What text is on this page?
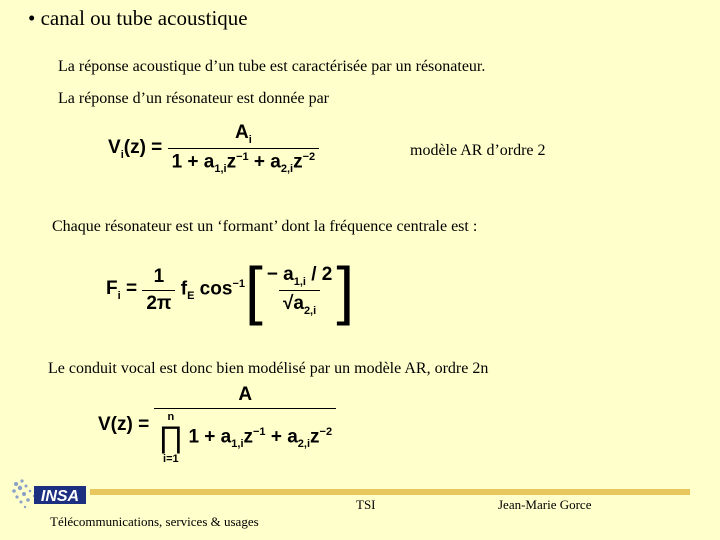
• canal ou tube acoustique
La réponse acoustique d’un tube est caractérisée par un résonateur.
La réponse d’un résonateur est donnée par
$V_i(z) = \frac{A_i}{1 + a_{1,i}z^{-1} + a_{2,i}z^{-2}}$	modèle AR d’ordre 2
Chaque résonateur est un ‘formant’ dont la fréquence centrale est :
$F_i = \frac{1}{2\pi} f_E$ $\cos^{-1}$ [ $\frac{- a_{1,i} / 2}{√a_{2,i}}$ ]
Le conduit vocal est donc bien modélisé par un modèle AR, ordre 2n
V(z) = A
n
∏
i=1
$1 + a_{1,i}z^{-1} + a_{2,i}z^{-2}$
INSA
Télécommunications, services & usages
TSI	Jean-Marie Gorce
